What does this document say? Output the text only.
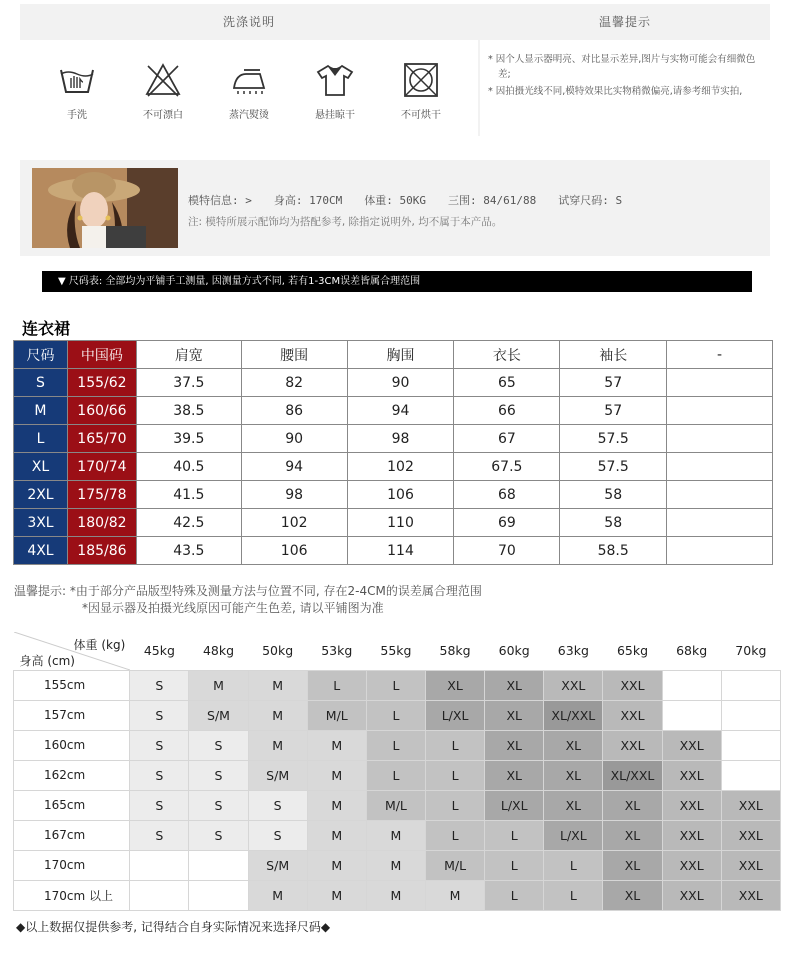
洗涤说明
手洗	不可漂白	蒸汽熨烫	悬挂晾干	不可烘干
温馨提示

* 因个人显示器明亮、对比显示差异,图片与实物可能会有细微色差;

* 因拍摄光线不同,模特效果比实物稍微偏亮,请参考细节实拍,

模特信息: > 身高: 170CM 体重: 50KG 三围: 84/61/88 试穿尺码: S
注: 模特所展示配饰均为搭配参考, 除指定说明外, 均不属于本产品。
▼ 尺码表: 全部均为平铺手工测量, 因测量方式不同, 若有1-3CM误差皆属合理范围
连衣裙
尺码	中国码	肩宽	腰围	胸围	衣长	袖长	-
S	155/62	37.5	82	90	65	57	
M	160/66	38.5	86	94	66	57	
L	165/70	39.5	90	98	67	57.5	
XL	170/74	40.5	94	102	67.5	57.5	
2XL	175/78	41.5	98	106	68	58	
3XL	180/82	42.5	102	110	69	58	
4XL	185/86	43.5	106	114	70	58.5	
温馨提示: *由于部分产品版型特殊及测量方法与位置不同, 存在2-4CM的误差属合理范围
*因显示器及拍摄光线原因可能产生色差, 请以平铺图为准
体重 (kg)
身高 (cm)	45kg	48kg	50kg	53kg	55kg	58kg	60kg	63kg	65kg	68kg	70kg
155cm	S	M	M	L	L	XL	XL	XXL	XXL		
157cm	S	S/M	M	M/L	L	L/XL	XL	XL/XXL	XXL		
160cm	S	S	M	M	L	L	XL	XL	XXL	XXL	
162cm	S	S	S/M	M	L	L	XL	XL	XL/XXL	XXL	
165cm	S	S	S	M	M/L	L	L/XL	XL	XL	XXL	XXL
167cm	S	S	S	M	M	L	L	L/XL	XL	XXL	XXL
170cm			S/M	M	M	M/L	L	L	XL	XXL	XXL
170cm 以上			M	M	M	M	L	L	XL	XXL	XXL
◆以上数据仅提供参考, 记得结合自身实际情况来选择尺码◆
